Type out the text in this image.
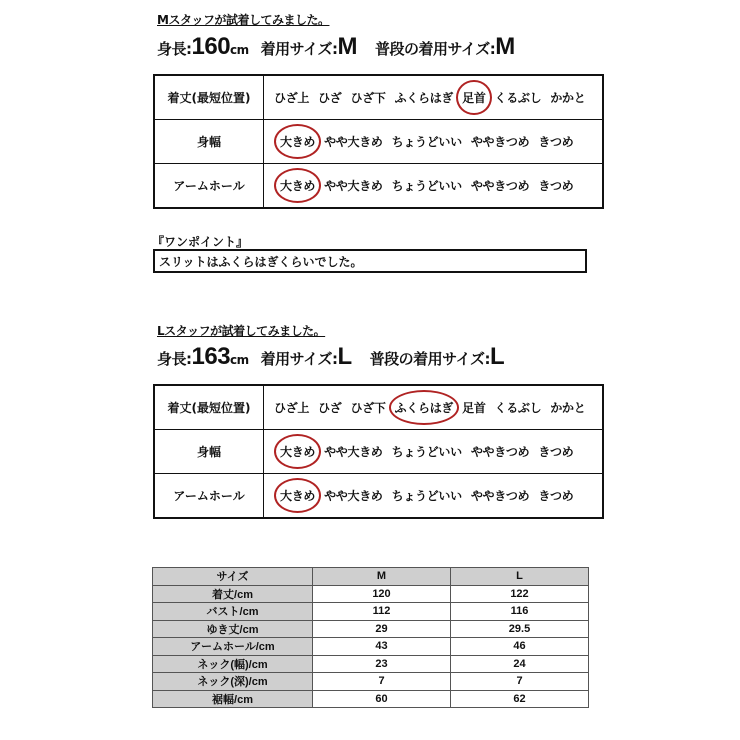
Mスタッフが試着してみました。
身長: 160 cm 着用サイズ: M 普段の着用サイズ: M
着丈(最短位置)	ひざ上 ひざ ひざ下 ふくらはぎ 足首 くるぶし かかと
身幅	大きめ やや大きめ ちょうどいい ややきつめ きつめ
アームホール	大きめ やや大きめ ちょうどいい ややきつめ きつめ
『ワンポイント』
スリットはふくらはぎくらいでした。
Lスタッフが試着してみました。
身長: 163 cm 着用サイズ: L 普段の着用サイズ: L
着丈(最短位置)	ひざ上 ひざ ひざ下 ふくらはぎ 足首 くるぶし かかと
身幅	大きめ やや大きめ ちょうどいい ややきつめ きつめ
アームホール	大きめ やや大きめ ちょうどいい ややきつめ きつめ
サイズ	M	L
着丈/cm	120	122
バスト/cm	112	116
ゆき丈/cm	29	29.5
アームホール/cm	43	46
ネック(幅)/cm	23	24
ネック(深)/cm	7	7
裾幅/cm	60	62
